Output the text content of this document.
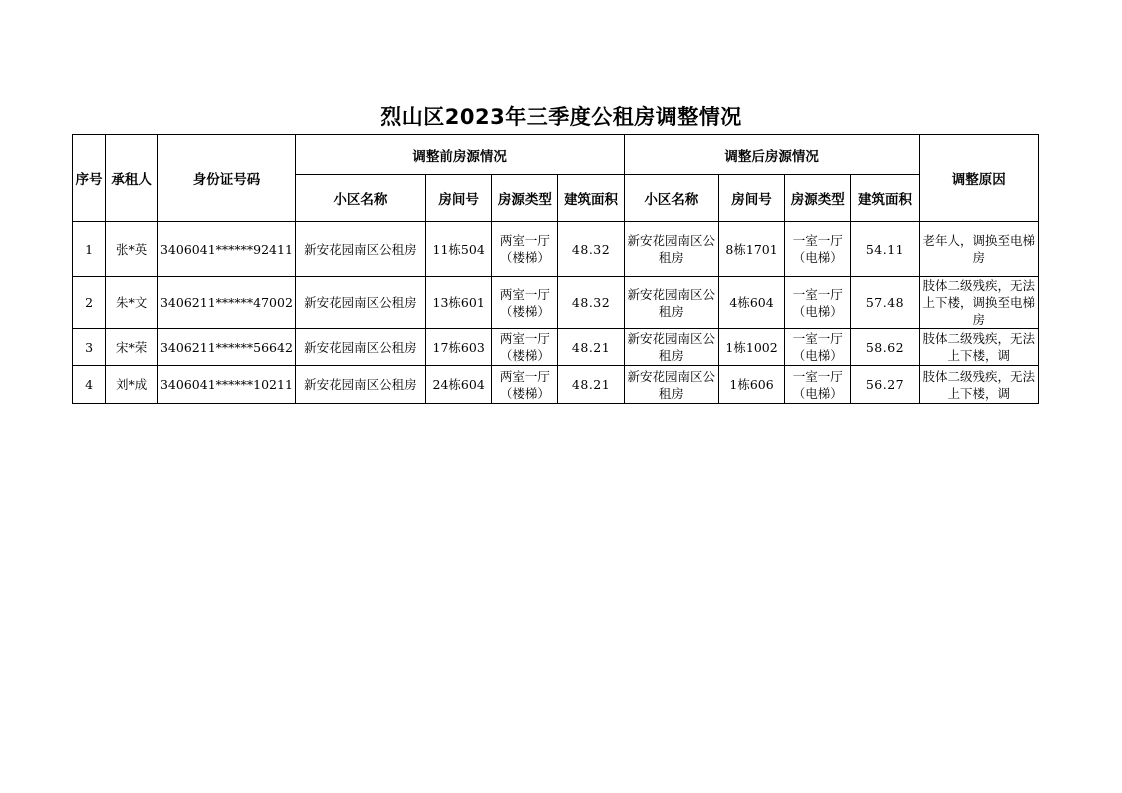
烈山区2023年三季度公租房调整情况
序号	承租人	身份证号码	调整前房源情况				调整后房源情况				调整原因
			小区名称	房间号	房源类型	建筑面积	小区名称	房间号	房源类型	建筑面积	
1	张*英	3406041******92411	新安花园南区公租房	11栋504	两室一厅（楼梯）	48.32	新安花园南区公租房	8栋1701	一室一厅（电梯）	54.11	老年人，调换至电梯房

2	朱*文	3406211******47002	新安花园南区公租房	13栋601	两室一厅（楼梯）	48.32	新安花园南区公租房	4栋604	一室一厅（电梯）	57.48	肢体二级残疾，无法上下楼，调换至电梯房

3	宋*荣	3406211******56642	新安花园南区公租房	17栋603	两室一厅（楼梯）	48.21	新安花园南区公租房	1栋1002	一室一厅（电梯）	58.62	肢体二级残疾，无法上下楼，调

4	刘*成	3406041******10211	新安花园南区公租房	24栋604	两室一厅（楼梯）	48.21	新安花园南区公租房	1栋606	一室一厅（电梯）	56.27	肢体二级残疾，无法上下楼，调
